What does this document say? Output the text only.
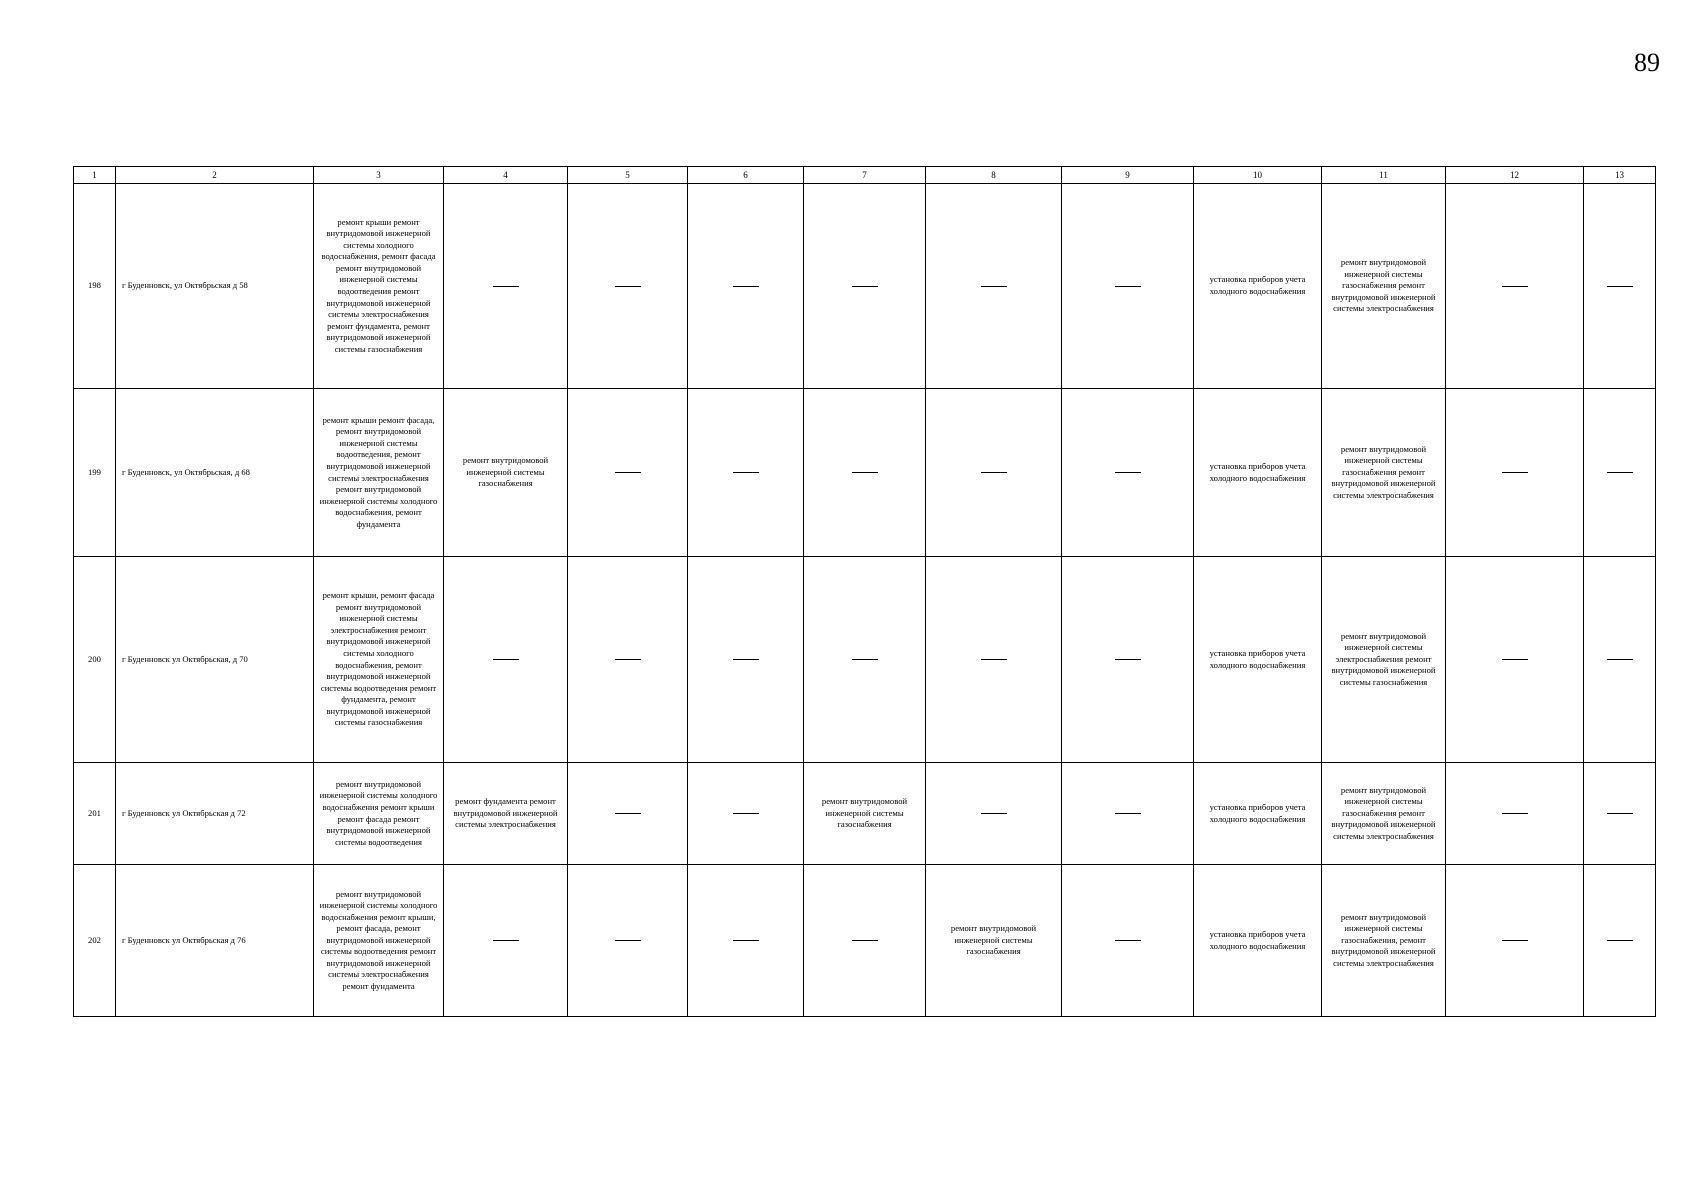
89
1	2	3	4	5	6	7	8	9	10	11	12	13
198	г Буденновск, ул Октябрьская д 58	ремонт крыши ремонт внутридомовой инженерной системы холодного водоснабжения, ремонт фасада ремонт внутридомовой инженерной системы водоотведения ремонт внутридомовой инженерной системы электроснабжения ремонт фундамента, ремонт внутридомовой инженерной системы газоснабжения							установка приборов учета холодного водоснабжения	ремонт внутридомовой инженерной системы газоснабжения ремонт внутридомовой инженерной системы электроснабжения		
199	г Буденновск, ул Октябрьская, д 68	ремонт крыши ремонт фасада, ремонт внутридомовой инженерной системы водоотведения, ремонт внутридомовой инженерной системы электроснабжения ремонт внутридомовой инженерной системы холодного водоснабжения, ремонт фундамента	ремонт внутридомовой инженерной системы газоснабжения						установка приборов учета холодного водоснабжения	ремонт внутридомовой инженерной системы газоснабжения ремонт внутридомовой инженерной системы электроснабжения		
200	г Буденновск ул Октябрьская, д 70	ремонт крыши, ремонт фасада ремонт внутридомовой инженерной системы электроснабжения ремонт внутридомовой инженерной системы холодного водоснабжения, ремонт внутридомовой инженерной системы водоотведения ремонт фундамента, ремонт внутридомовой инженерной системы газоснабжения							установка приборов учета холодного водоснабжения	ремонт внутридомовой инженерной системы электроснабжения ремонт внутридомовой инженерной системы газоснабжения		
201	г Буденновск ул Октябрьская д 72	ремонт внутридомовой инженерной системы холодного водоснабжения ремонт крыши ремонт фасада ремонт внутридомовой инженерной системы водоотведения	ремонт фундамента ремонт внутридомовой инженерной системы электроснабжения			ремонт внутридомовой инженерной системы газоснабжения			установка приборов учета холодного водоснабжения	ремонт внутридомовой инженерной системы газоснабжения ремонт внутридомовой инженерной системы электроснабжения		
202	г Буденновск ул Октябрьская д 76	ремонт внутридомовой инженерной системы холодного водоснабжения ремонт крыши, ремонт фасада, ремонт внутридомовой инженерной системы водоотведения ремонт внутридомовой инженерной системы электроснабжения ремонт фундамента					ремонт внутридомовой инженерной системы газоснабжения		установка приборов учета холодного водоснабжения	ремонт внутридомовой инженерной системы газоснабжения, ремонт внутридомовой инженерной системы электроснабжения		
